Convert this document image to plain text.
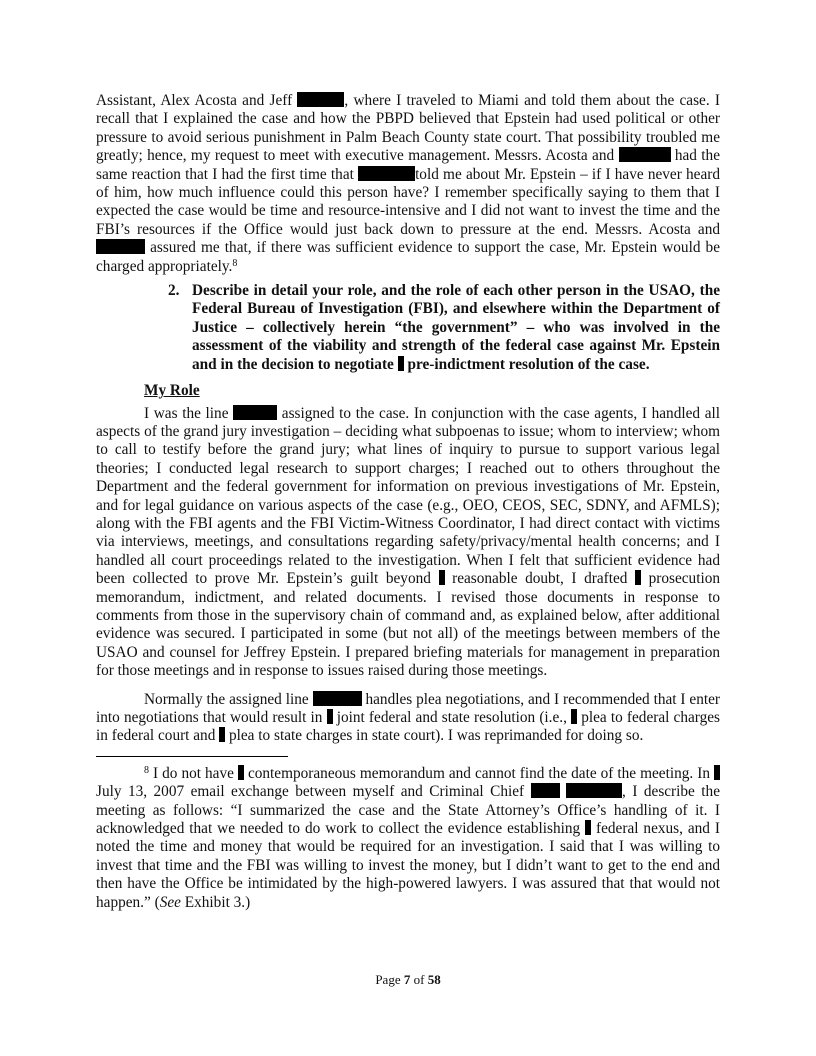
Assistant, Alex Acosta and Jeff	, where I traveled to Miami and told them about the case. I recall that I explained the case and how the PBPD believed that Epstein had used political or other pressure to avoid serious punishment in Palm Beach County state court. That possibility troubled me greatly; hence, my request to meet with executive management. Messrs. Acosta and	had the same reaction that I had the first time that	told me about Mr. Epstein – if I have never heard of him, how much influence could this person have? I remember specifically saying to them that I expected the case would be time and resource-intensive and I did not want to invest the time and the FBI’s resources if the Office would just back down to pressure at the end. Messrs. Acosta and  assured me that, if there was sufficient evidence to support the case, Mr. Epstein would be charged appropriately.$^8$

2. Describe in detail your role, and the role of each other person in the USAO, the Federal Bureau of Investigation (FBI), and elsewhere within the Department of Justice – collectively herein “the government” – who was involved in the assessment of the viability and strength of the federal case against Mr. Epstein and in the decision to negotiate  pre-indictment resolution of the case.

My Role

I was the line	assigned to the case. In conjunction with the case agents, I handled all aspects of the grand jury investigation – deciding what subpoenas to issue; whom to interview; whom to call to testify before the grand jury; what lines of inquiry to pursue to support various legal theories; I conducted legal research to support charges; I reached out to others throughout the Department and the federal government for information on previous investigations of Mr. Epstein, and for legal guidance on various aspects of the case (e.g., OEO, CEOS, SEC, SDNY, and AFMLS); along with the FBI agents and the FBI Victim-Witness Coordinator, I had direct contact with victims via interviews, meetings, and consultations regarding safety/privacy/mental health concerns; and I handled all court proceedings related to the investigation. When I felt that sufficient evidence had been collected to prove Mr. Epstein’s guilt beyond  reasonable doubt, I drafted  prosecution memorandum, indictment, and related documents. I revised those documents in response to comments from those in the supervisory chain of command and, as explained below, after additional evidence was secured. I participated in some (but not all) of the meetings between members of the USAO and counsel for Jeffrey Epstein. I prepared briefing materials for management in preparation for those meetings and in response to issues raised during those meetings.

Normally the assigned line	handles plea negotiations, and I recommended that I enter into negotiations that would result in  joint federal and state resolution (i.e.,  plea to federal charges in federal court and  plea to state charges in state court). I was reprimanded for doing so.

$^8$ I do not have  contemporaneous memorandum and cannot find the date of the meeting. In  July 13, 2007 email exchange between myself and Criminal Chief	, I describe the meeting as follows: “I summarized the case and the State Attorney’s Office’s handling of it. I acknowledged that we needed to do work to collect the evidence establishing  federal nexus, and I noted the time and money that would be required for an investigation. I said that I was willing to invest that time and the FBI was willing to invest the money, but I didn’t want to get to the end and then have the Office be intimidated by the high-powered lawyers. I was assured that that would not happen.” (See Exhibit 3.)

Page 7 of 58
